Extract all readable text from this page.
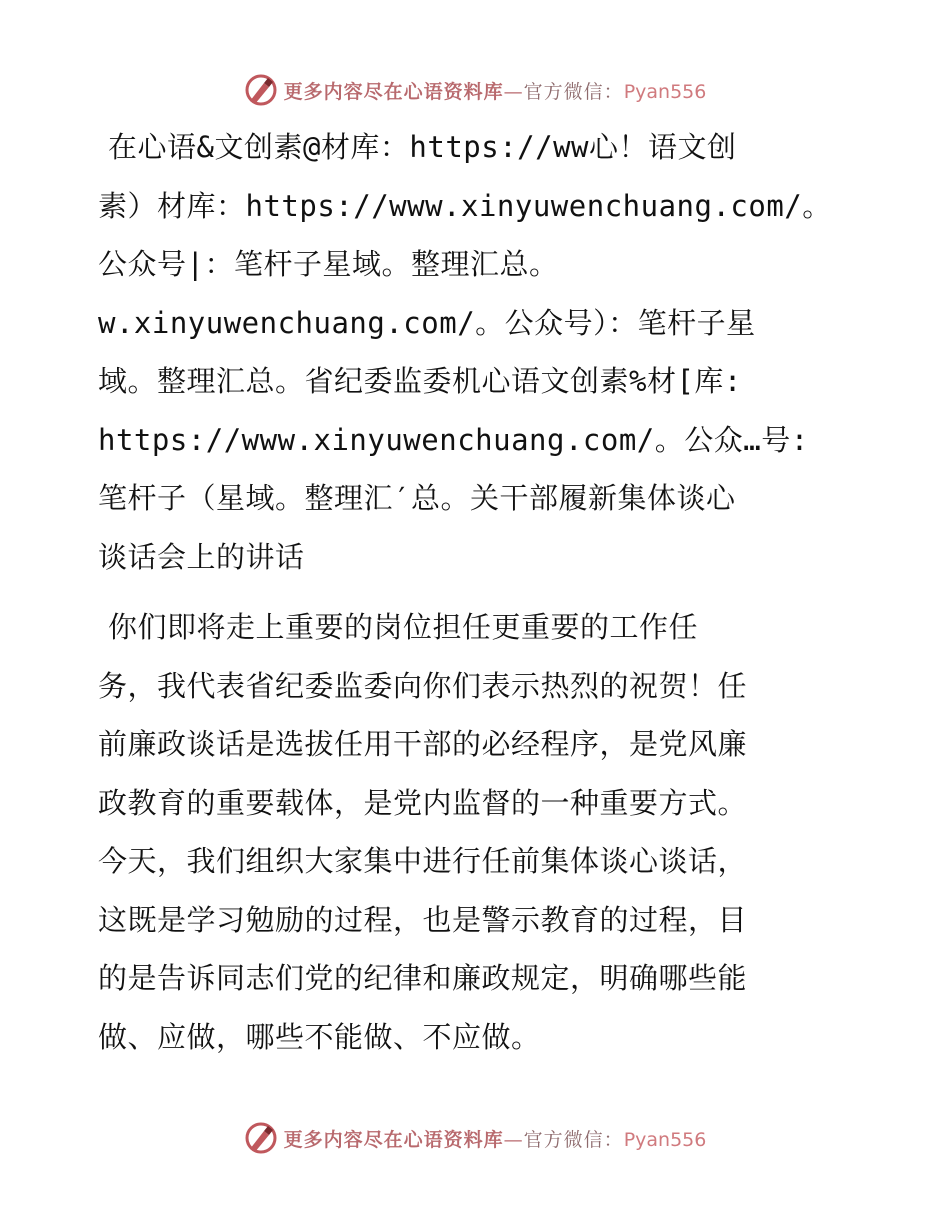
更多内容尽在心语资料库—官方微信：Pyan556

在心语&文创素@材库：https://ww心！语文创
素）材库：https://www.xinyuwenchuang.com/。
公众号|：笔杆子星域。整理汇总。
w.xinyuwenchuang.com/。公众号）：笔杆子星
域。整理汇总。省纪委监委机心语文创素%材[库:
https://www.xinyuwenchuang.com/。公众…号:
笔杆子（星域。整理汇′总。关干部履新集体谈心
谈话会上的讲话

你们即将走上重要的岗位担任更重要的工作任
务，我代表省纪委监委向你们表示热烈的祝贺！任
前廉政谈话是选拔任用干部的必经程序，是党风廉
政教育的重要载体，是党内监督的一种重要方式。
今天，我们组织大家集中进行任前集体谈心谈话，
这既是学习勉励的过程，也是警示教育的过程，目
的是告诉同志们党的纪律和廉政规定，明确哪些能
做、应做，哪些不能做、不应做。

更多内容尽在心语资料库—官方微信：Pyan556
